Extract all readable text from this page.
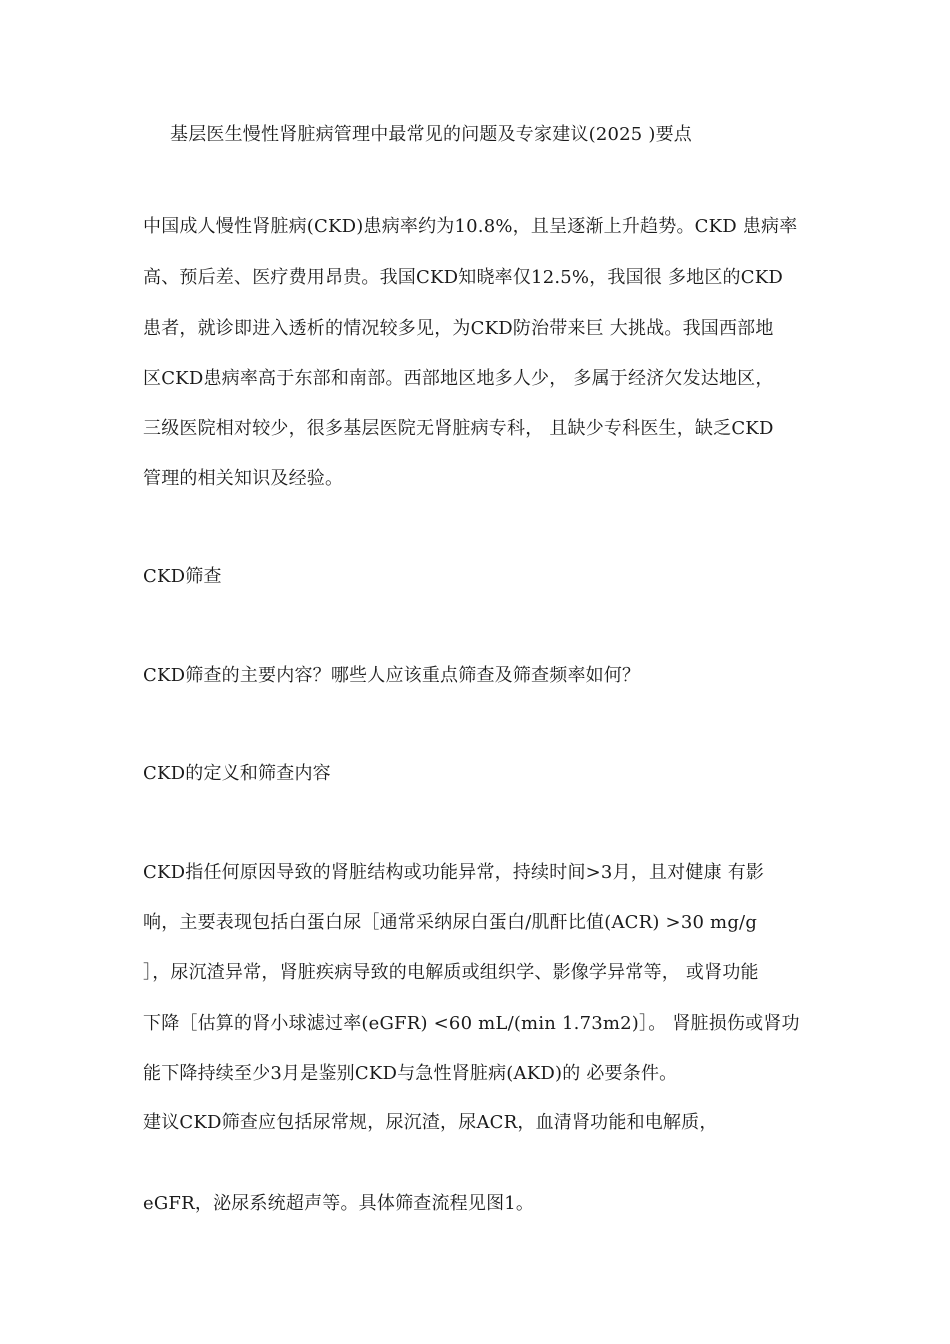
基层医生慢性肾脏病管理中最常见的问题及专家建议(2025 )要点
中国成人慢性肾脏病(CKD)患病率约为10.8%，且呈逐渐上升趋势。CKD 患病率
高、预后差、医疗费用昂贵。我国CKD知晓率仅12.5%，我国很 多地区的CKD
患者，就诊即进入透析的情况较多见，为CKD防治带来巨 大挑战。我国西部地
区CKD患病率高于东部和南部。西部地区地多人少， 多属于经济欠发达地区，
三级医院相对较少，很多基层医院无肾脏病专科， 且缺少专科医生，缺乏CKD
管理的相关知识及经验。
CKD筛查
CKD筛查的主要内容？哪些人应该重点筛查及筛查频率如何？
CKD的定义和筛查内容
CKD指任何原因导致的肾脏结构或功能异常，持续时间>3月，且对健康 有影
响，主要表现包括白蛋白尿［通常采纳尿白蛋白/肌酐比值(ACR) >30 mg/g
］，尿沉渣异常，肾脏疾病导致的电解质或组织学、影像学异常等， 或肾功能
下降［估算的肾小球滤过率(eGFR) <60 mL/(min 1.73m2)］。 肾脏损伤或肾功
能下降持续至少3月是鉴别CKD与急性肾脏病(AKD)的 必要条件。
建议CKD筛查应包括尿常规，尿沉渣，尿ACR，血清肾功能和电解质，
eGFR，泌尿系统超声等。具体筛查流程见图1。
